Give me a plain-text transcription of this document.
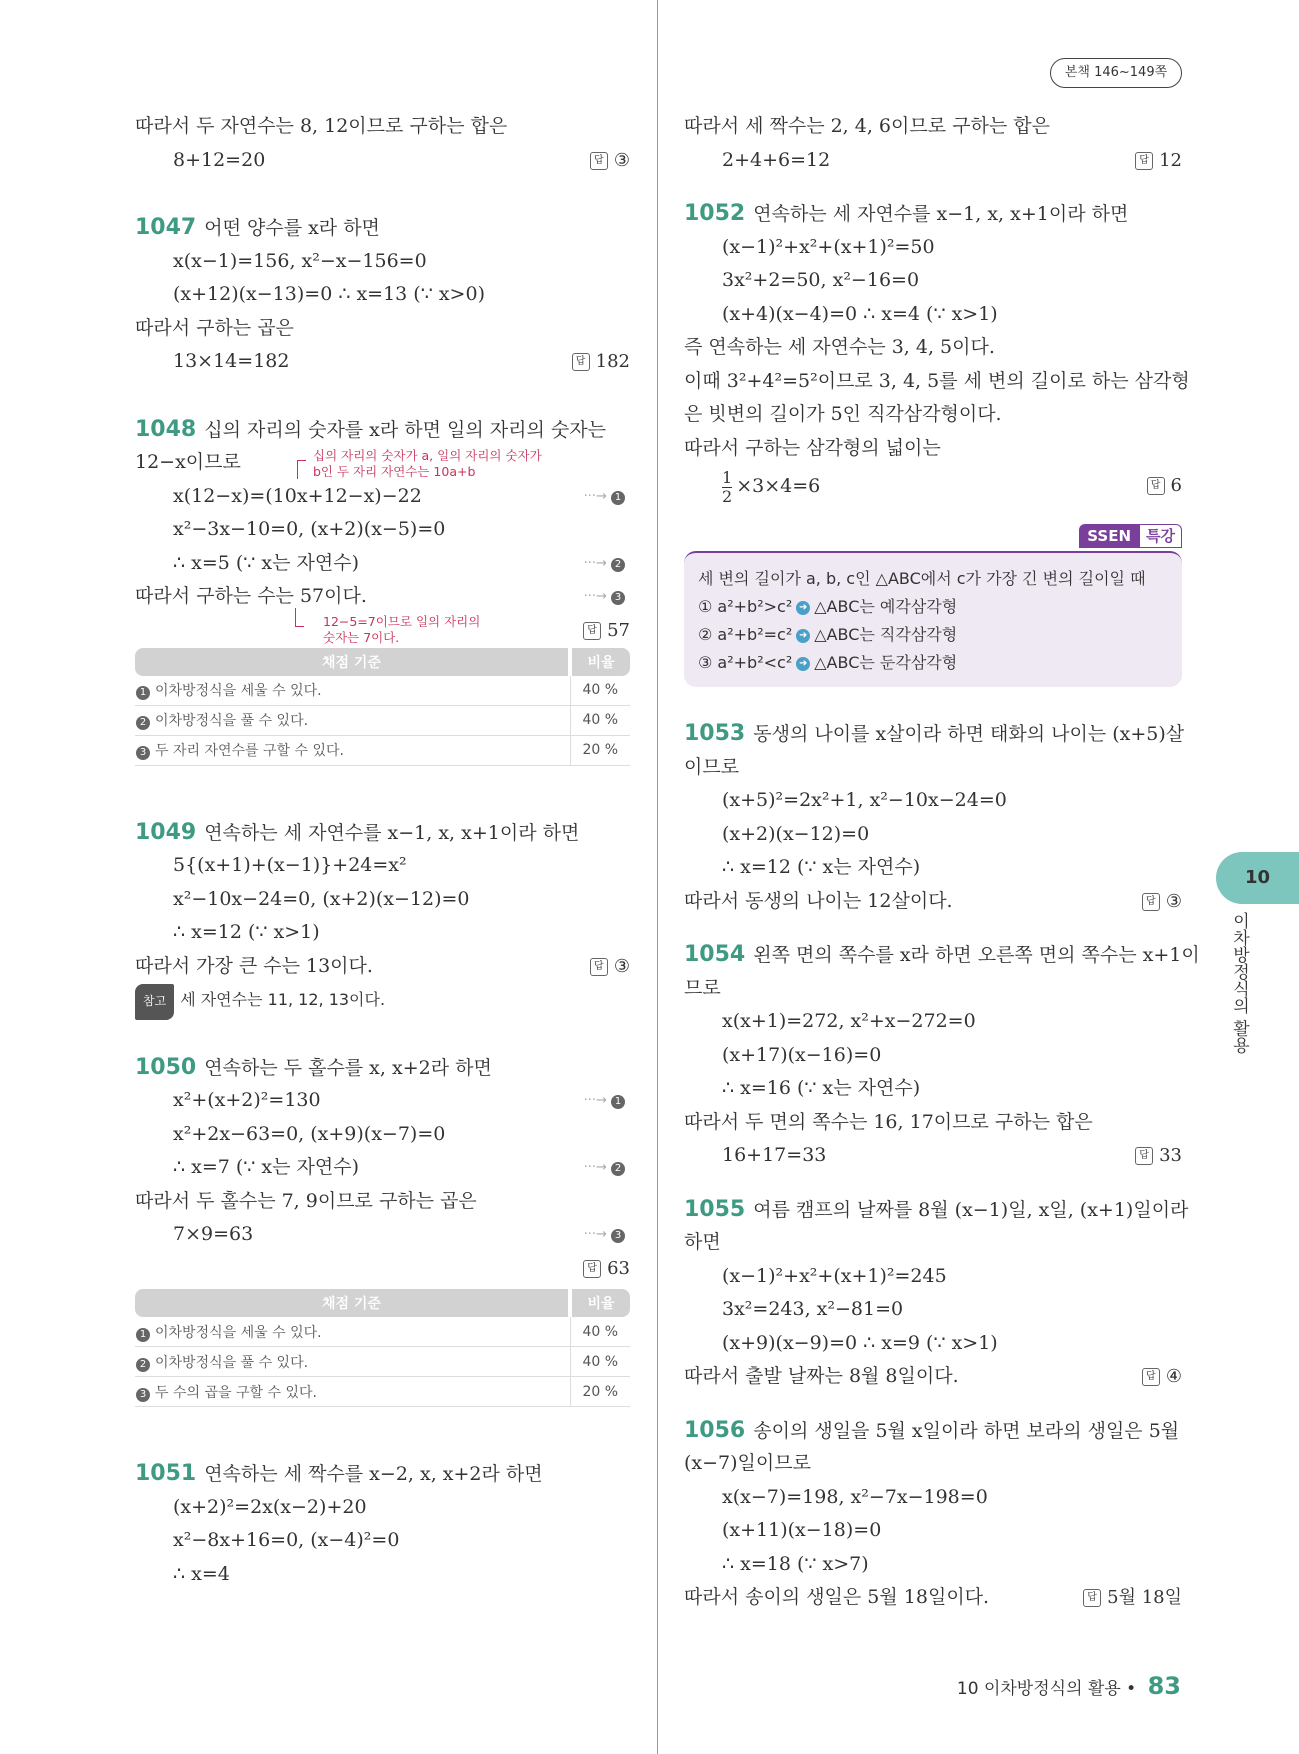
본책 146~149쪽
따라서 두 자연수는 8, 12이므로 구하는 합은
8+12=20	답 ③
1047 어떤 양수를 x라 하면
x(x−1)=156, x²−x−156=0
(x+12)(x−13)=0 ∴ x=13 (∵ x>0)
따라서 구하는 곱은
13×14=182	답 182
1048 십의 자리의 숫자를 x라 하면 일의 자리의 숫자는
12−x이므로	십의 자리의 숫자가 a, 일의 자리의 숫자가
b인 두 자리 자연수는 10a+b
x(12−x)=(10x+12−x)−22	···→ 1
x²−3x−10=0, (x+2)(x−5)=0
∴ x=5 (∵ x는 자연수)	···→ 2
따라서 구하는 수는 57이다.	···→ 3
12−5=7이므로 일의 자리의
숫자는 7이다.	답 57
채점 기준	비율
1 이차방정식을 세울 수 있다.	40 %
2 이차방정식을 풀 수 있다.	40 %
3 두 자리 자연수를 구할 수 있다.	20 %
1049 연속하는 세 자연수를 x−1, x, x+1이라 하면
5{(x+1)+(x−1)}+24=x²
x²−10x−24=0, (x+2)(x−12)=0
∴ x=12 (∵ x>1)
따라서 가장 큰 수는 13이다.	답 ③
참고 세 자연수는 11, 12, 13이다.
1050 연속하는 두 홀수를 x, x+2라 하면
x²+(x+2)²=130	···→ 1
x²+2x−63=0, (x+9)(x−7)=0
∴ x=7 (∵ x는 자연수)	···→ 2
따라서 두 홀수는 7, 9이므로 구하는 곱은
7×9=63	···→ 3
답 63
채점 기준	비율
1 이차방정식을 세울 수 있다.	40 %
2 이차방정식을 풀 수 있다.	40 %
3 두 수의 곱을 구할 수 있다.	20 %
1051 연속하는 세 짝수를 x−2, x, x+2라 하면
(x+2)²=2x(x−2)+20
x²−8x+16=0, (x−4)²=0
∴ x=4
따라서 세 짝수는 2, 4, 6이므로 구하는 합은
2+4+6=12	답 12
1052 연속하는 세 자연수를 x−1, x, x+1이라 하면
(x−1)²+x²+(x+1)²=50
3x²+2=50, x²−16=0
(x+4)(x−4)=0 ∴ x=4 (∵ x>1)
즉 연속하는 세 자연수는 3, 4, 5이다.
이때 3²+4²=5²이므로 3, 4, 5를 세 변의 길이로 하는 삼각형
은 빗변의 길이가 5인 직각삼각형이다.
따라서 구하는 삼각형의 넓이는
$\frac{1}{2} \times 3\times 4=6$	답 6
SSEN 특강
세 변의 길이가 a, b, c인 △ABC에서 c가 가장 긴 변의 길이일 때
① a²+b²>c² ➜ △ABC는 예각삼각형
② a²+b²=c² ➜ △ABC는 직각삼각형
③ a²+b²<c² ➜ △ABC는 둔각삼각형
1053 동생의 나이를 x살이라 하면 태화의 나이는 (x+5)살
이므로
(x+5)²=2x²+1, x²−10x−24=0
(x+2)(x−12)=0
∴ x=12 (∵ x는 자연수)
따라서 동생의 나이는 12살이다.	답 ③
1054 왼쪽 면의 쪽수를 x라 하면 오른쪽 면의 쪽수는 x+1이
므로
x(x+1)=272, x²+x−272=0
(x+17)(x−16)=0
∴ x=16 (∵ x는 자연수)
따라서 두 면의 쪽수는 16, 17이므로 구하는 합은
16+17=33	답 33
1055 여름 캠프의 날짜를 8월 (x−1)일, x일, (x+1)일이라
하면
(x−1)²+x²+(x+1)²=245
3x²=243, x²−81=0
(x+9)(x−9)=0 ∴ x=9 (∵ x>1)
따라서 출발 날짜는 8월 8일이다.	답 ④
1056 송이의 생일을 5월 x일이라 하면 보라의 생일은 5월
(x−7)일이므로
x(x−7)=198, x²−7x−198=0
(x+11)(x−18)=0
∴ x=18 (∵ x>7)
따라서 송이의 생일은 5월 18일이다.	답 5월 18일
10
이차방정식의 활용
10 이차방정식의 활용 • 83
